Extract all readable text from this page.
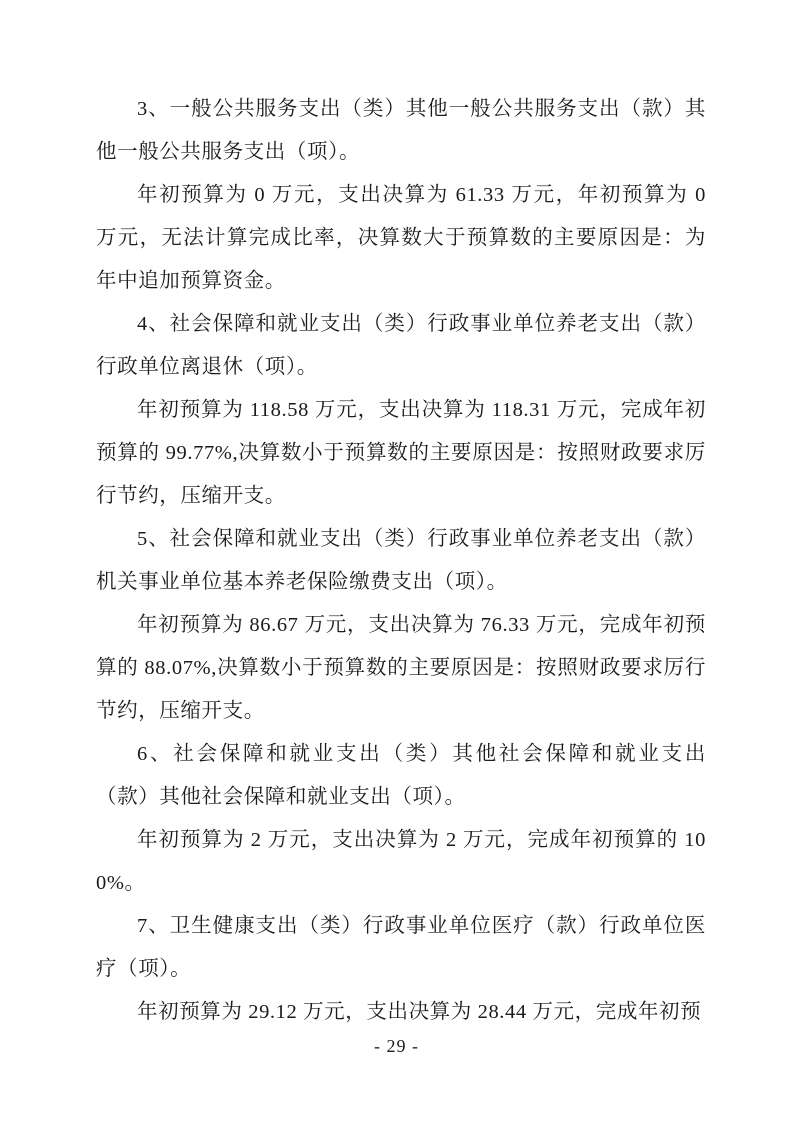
3、一般公共服务支出（类）其他一般公共服务支出（款）其他一般公共服务支出（项）。

年初预算为 0 万元，支出决算为 61.33 万元，年初预算为 0 万元，无法计算完成比率，决算数大于预算数的主要原因是：为年中追加预算资金。

4、社会保障和就业支出（类）行政事业单位养老支出（款）行政单位离退休（项）。

年初预算为 118.58 万元，支出决算为 118.31 万元，完成年初预算的 99.77%,决算数小于预算数的主要原因是：按照财政要求厉行节约，压缩开支。

5、社会保障和就业支出（类）行政事业单位养老支出（款）机关事业单位基本养老保险缴费支出（项）。

年初预算为 86.67 万元，支出决算为 76.33 万元，完成年初预算的 88.07%,决算数小于预算数的主要原因是：按照财政要求厉行节约，压缩开支。

6、社会保障和就业支出（类）其他社会保障和就业支出（款）其他社会保障和就业支出（项）。

年初预算为 2 万元，支出决算为 2 万元，完成年初预算的 100%。

7、卫生健康支出（类）行政事业单位医疗（款）行政单位医疗（项）。

年初预算为 29.12 万元，支出决算为 28.44 万元，完成年初预

- 29 -
